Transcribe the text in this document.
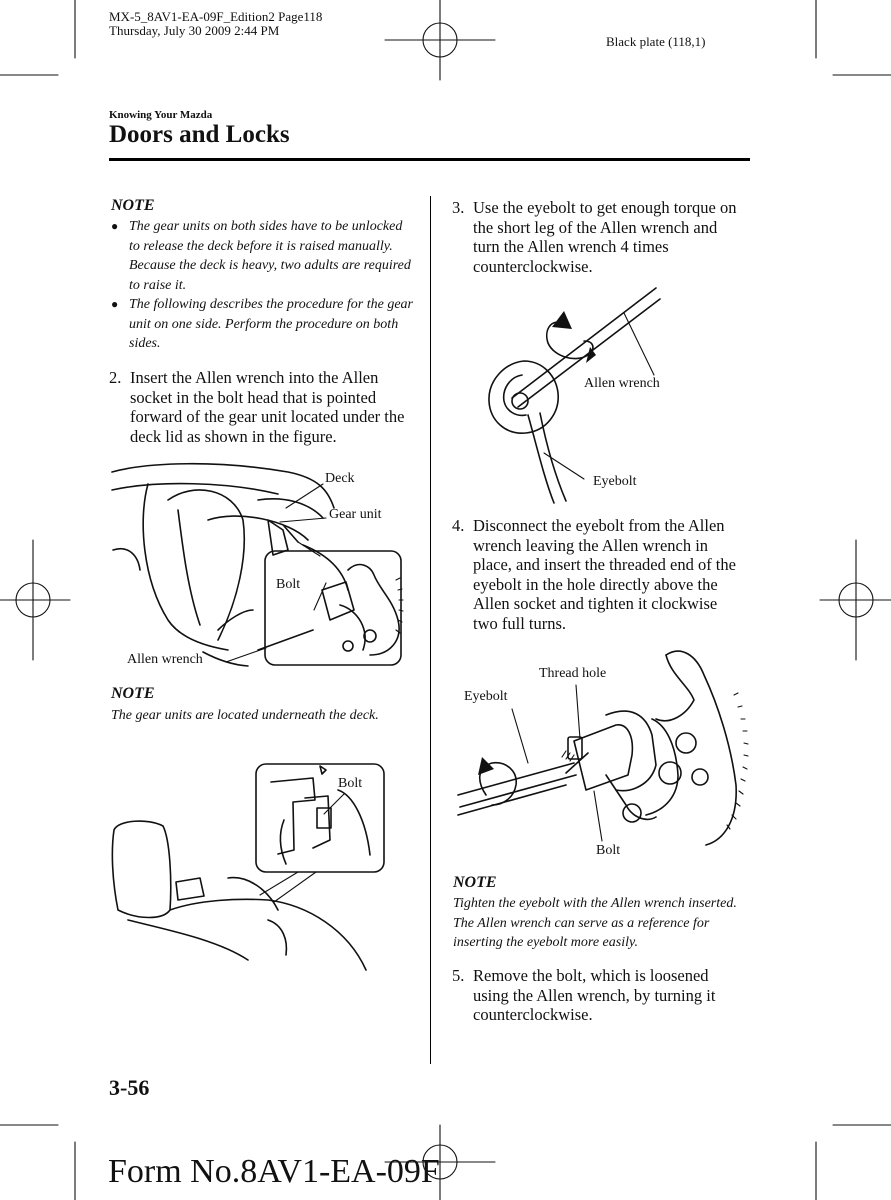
MX-5_8AV1-EA-09F_Edition2 Page118
Thursday, July 30 2009 2:44 PM
Black plate (118,1)
Knowing Your Mazda
Doors and Locks
NOTE
● The gear units on both sides have to be unlocked to release the deck before it is raised manually. Because the deck is heavy, two adults are required to raise it.
● The following describes the procedure for the gear unit on one side. Perform the procedure on both sides.
2. Insert the Allen wrench into the Allen socket in the bolt head that is pointed forward of the gear unit located under the deck lid as shown in the figure.
Deck
Gear unit
Bolt
Allen wrench
NOTE
The gear units are located underneath the deck.
Bolt
3. Use the eyebolt to get enough torque on the short leg of the Allen wrench and turn the Allen wrench 4 times counterclockwise.
Allen wrench
Eyebolt
4. Disconnect the eyebolt from the Allen wrench leaving the Allen wrench in place, and insert the threaded end of the eyebolt in the hole directly above the Allen socket and tighten it clockwise two full turns.
Thread hole
Eyebolt
Bolt
NOTE
Tighten the eyebolt with the Allen wrench inserted. The Allen wrench can serve as a reference for inserting the eyebolt more easily.
5. Remove the bolt, which is loosened using the Allen wrench, by turning it counterclockwise.
3-56
Form No.8AV1-EA-09F
